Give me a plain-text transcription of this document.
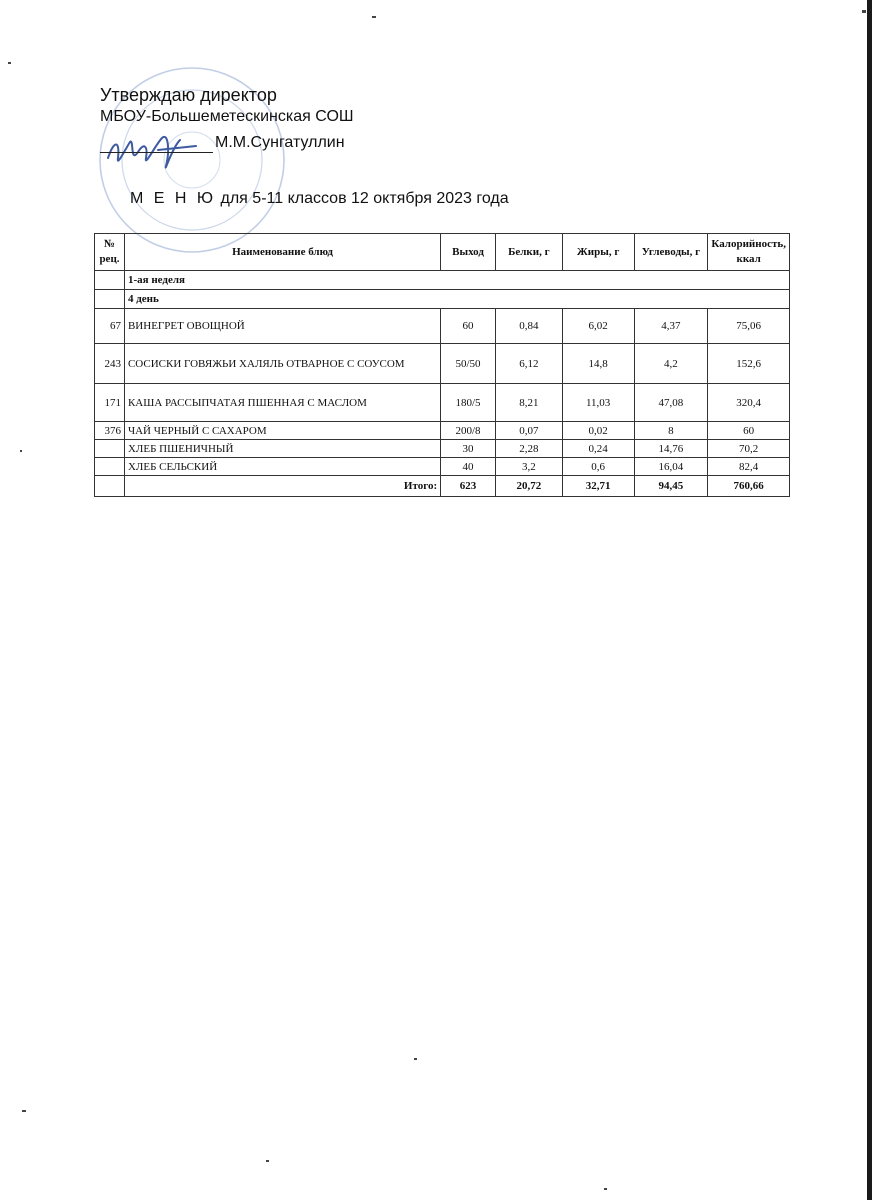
Утверждаю директор
МБОУ-Большеметескинская СОШ
М.М.Сунгатуллин
М Е Н Ю для 5-11 классов 12 октября 2023 года
№ рец.	Наименование блюд	Выход	Белки, г	Жиры, г	Углеводы, г	Калорийность, ккал
	1-ая неделя					
	4 день					
67	ВИНЕГРЕТ ОВОЩНОЙ	60	0,84	6,02	4,37	75,06
243	СОСИСКИ ГОВЯЖЬИ ХАЛЯЛЬ ОТВАРНОЕ С СОУСОМ	50/50	6,12	14,8	4,2	152,6
171	КАША РАССЫПЧАТАЯ ПШЕННАЯ С МАСЛОМ	180/5	8,21	11,03	47,08	320,4
376	ЧАЙ ЧЕРНЫЙ С САХАРОМ	200/8	0,07	0,02	8	60
	ХЛЕБ ПШЕНИЧНЫЙ	30	2,28	0,24	14,76	70,2
	ХЛЕБ СЕЛЬСКИЙ	40	3,2	0,6	16,04	82,4
	Итого:	623	20,72	32,71	94,45	760,66
